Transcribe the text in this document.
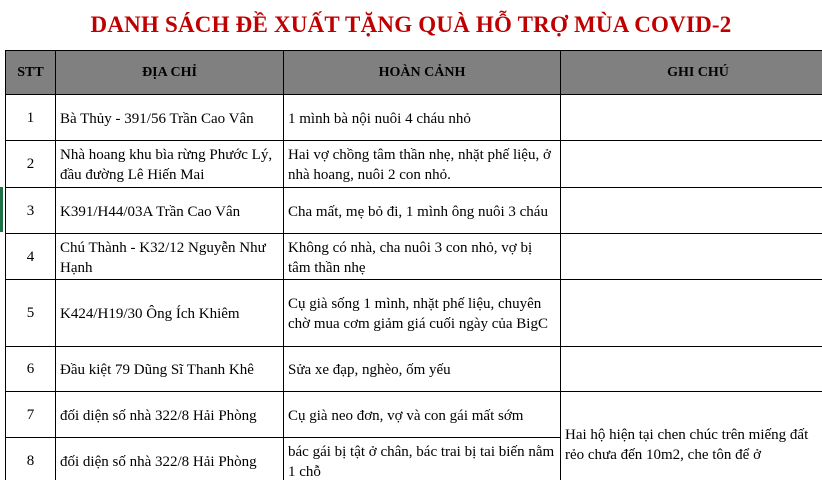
DANH SÁCH ĐỀ XUẤT TẶNG QUÀ HỖ TRỢ MÙA COVID-2
STT	ĐỊA CHỈ	HOÀN CẢNH	GHI CHÚ
1	Bà Thủy - 391/56 Trần Cao Vân	1 mình bà nội nuôi 4 cháu nhỏ	

2	Nhà hoang khu bìa rừng Phước Lý, đầu đường Lê Hiến Mai	Hai vợ chồng tâm thần nhẹ, nhặt phế liệu, ở nhà hoang, nuôi 2 con nhỏ.	

3	K391/H44/03A Trần Cao Vân	Cha mất, mẹ bỏ đi, 1 mình ông nuôi 3 cháu	

4	Chú Thành - K32/12 Nguyễn Như Hạnh	Không có nhà, cha nuôi 3 con nhỏ, vợ bị tâm thần nhẹ	

5	K424/H19/30 Ông Ích Khiêm	Cụ già sống 1 mình, nhặt phế liệu, chuyên chờ mua cơm giảm giá cuối ngày của BigC	

6	Đầu kiệt 79 Dũng Sĩ Thanh Khê	Sửa xe đạp, nghèo, ốm yếu	

7	đối diện số nhà 322/8 Hải Phòng	Cụ già neo đơn, vợ và con gái mất sớm	Hai hộ hiện tại chen chúc trên miếng đất rẻo chưa đến 10m2, che tôn để ở

8	đối diện số nhà 322/8 Hải Phòng	bác gái bị tật ở chân, bác trai bị tai biến nằm 1 chỗ	
